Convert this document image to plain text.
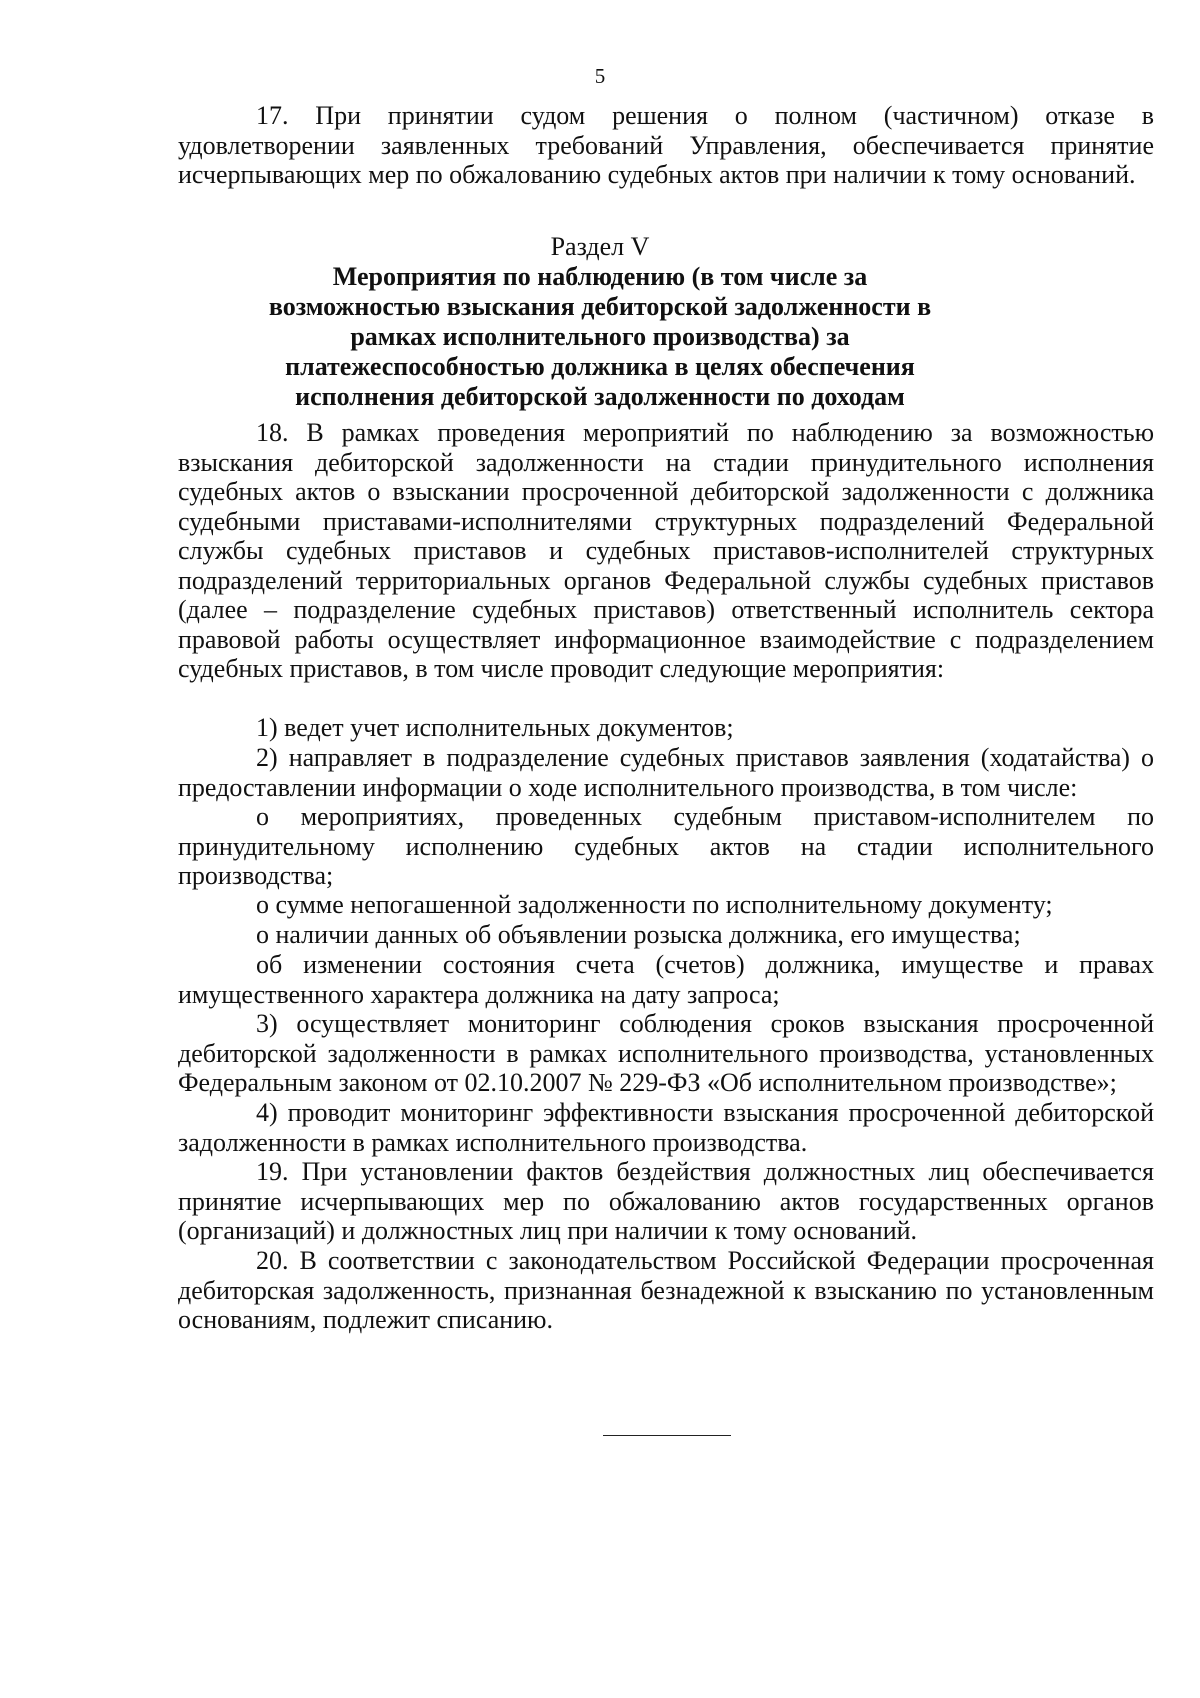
5

17. При принятии судом решения о полном (частичном) отказе в удовлетворении заявленных требований Управления, обеспечивается принятие исчерпывающих мер по обжалованию судебных актов при наличии к тому оснований.

Раздел V
Мероприятия по наблюдению (в том числе за возможностью взыскания дебиторской задолженности в рамках исполнительного производства) за платежеспособностью должника в целях обеспечения исполнения дебиторской задолженности по доходам

18. В рамках проведения мероприятий по наблюдению за возможностью взыскания дебиторской задолженности на стадии принудительного исполнения судебных актов о взыскании просроченной дебиторской задолженности с должника судебными приставами-исполнителями структурных подразделений Федеральной службы судебных приставов и судебных приставов-исполнителей структурных подразделений территориальных органов Федеральной службы судебных приставов (далее – подразделение судебных приставов) ответственный исполнитель сектора правовой работы осуществляет информационное взаимодействие с подразделением судебных приставов, в том числе проводит следующие мероприятия:

1) ведет учет исполнительных документов;

2) направляет в подразделение судебных приставов заявления (ходатайства) о предоставлении информации о ходе исполнительного производства, в том числе:

о мероприятиях, проведенных судебным приставом-исполнителем по принудительному исполнению судебных актов на стадии исполнительного производства;

о сумме непогашенной задолженности по исполнительному документу;

о наличии данных об объявлении розыска должника, его имущества;

об изменении состояния счета (счетов) должника, имуществе и правах имущественного характера должника на дату запроса;

3) осуществляет мониторинг соблюдения сроков взыскания просроченной дебиторской задолженности в рамках исполнительного производства, установленных Федеральным законом от 02.10.2007 № 229-ФЗ «Об исполнительном производстве»;

4) проводит мониторинг эффективности взыскания просроченной дебиторской задолженности в рамках исполнительного производства.

19. При установлении фактов бездействия должностных лиц обеспечивается принятие исчерпывающих мер по обжалованию актов государственных органов (организаций) и должностных лиц при наличии к тому оснований.

20. В соответствии с законодательством Российской Федерации просроченная дебиторская задолженность, признанная безнадежной к взысканию по установленным основаниям, подлежит списанию.
